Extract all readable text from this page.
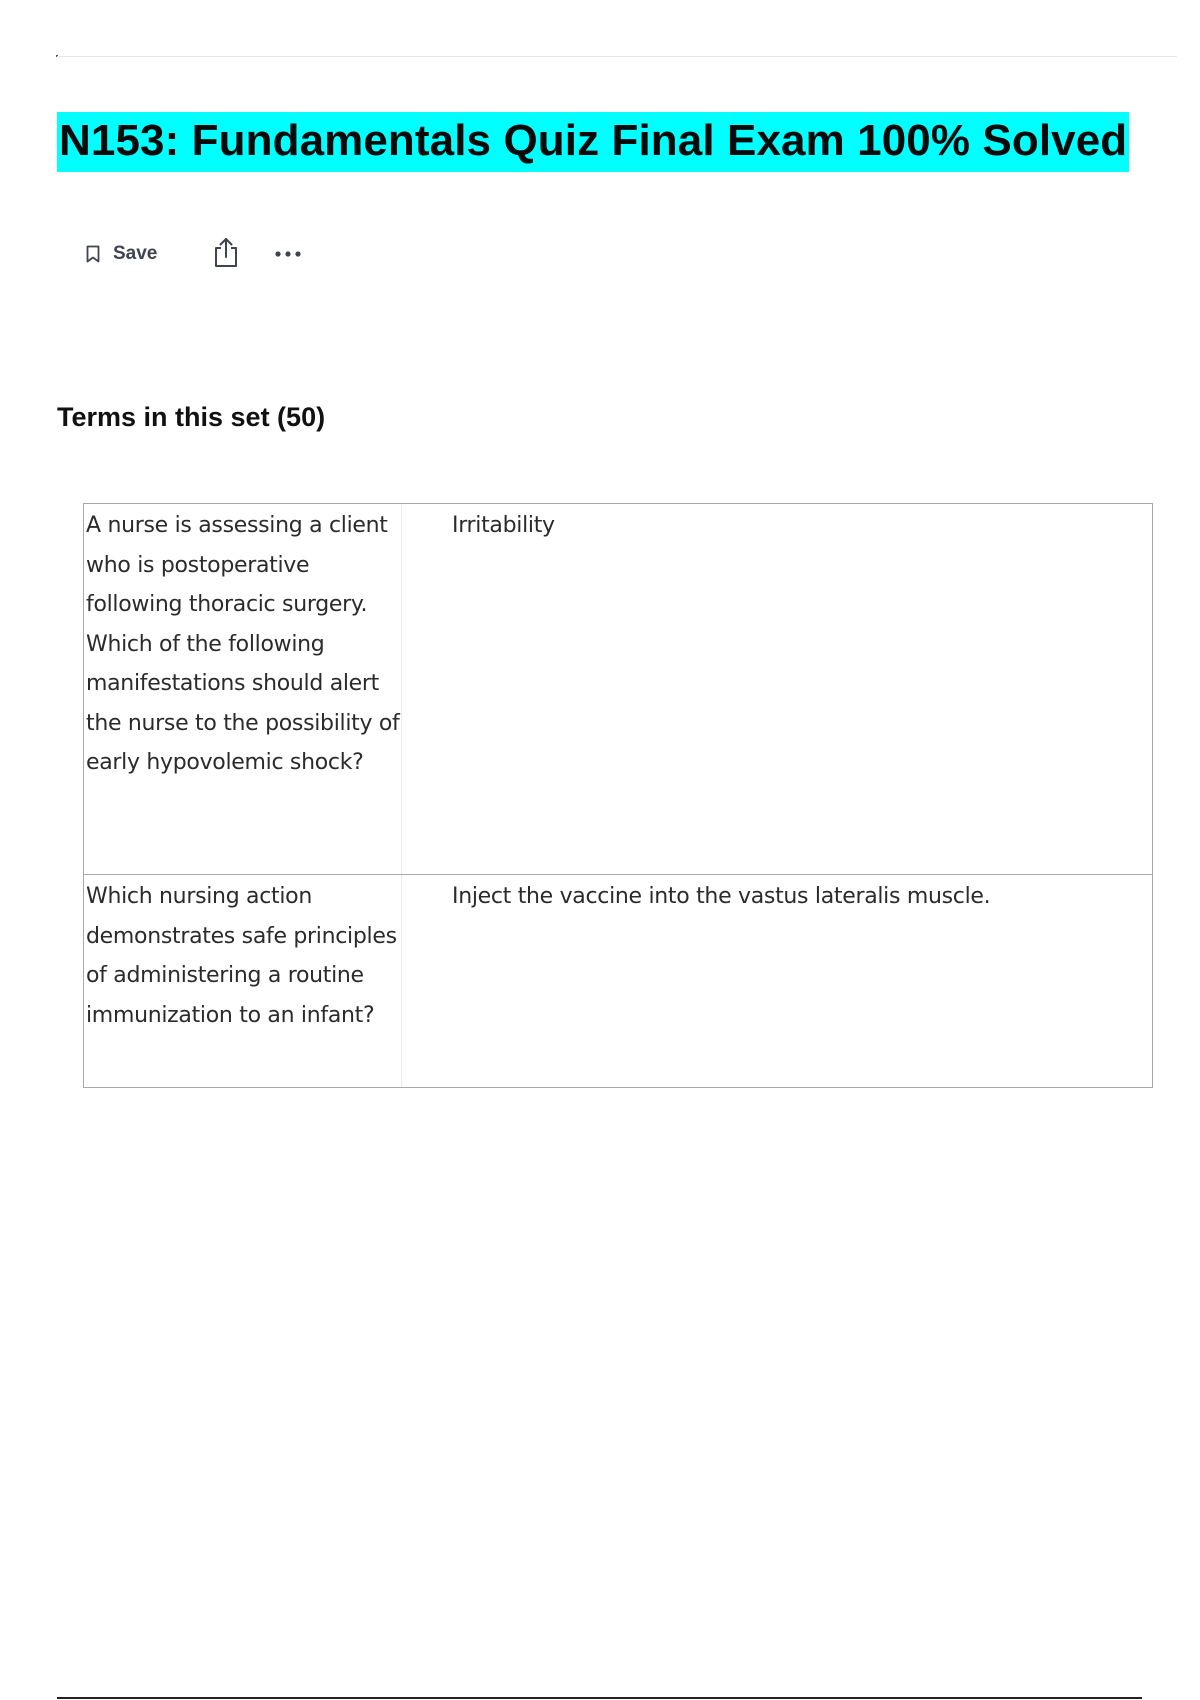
N153: Fundamentals Quiz Final Exam 100% Solved
Save
Terms in this set (50)
A nurse is assessing a client who is postoperative following thoracic surgery. Which of the following manifestations should alert the nurse to the possibility of early hypovolemic shock?
Irritability
Which nursing action demonstrates safe principles of administering a routine immunization to an infant?
Inject the vaccine into the vastus lateralis muscle.
